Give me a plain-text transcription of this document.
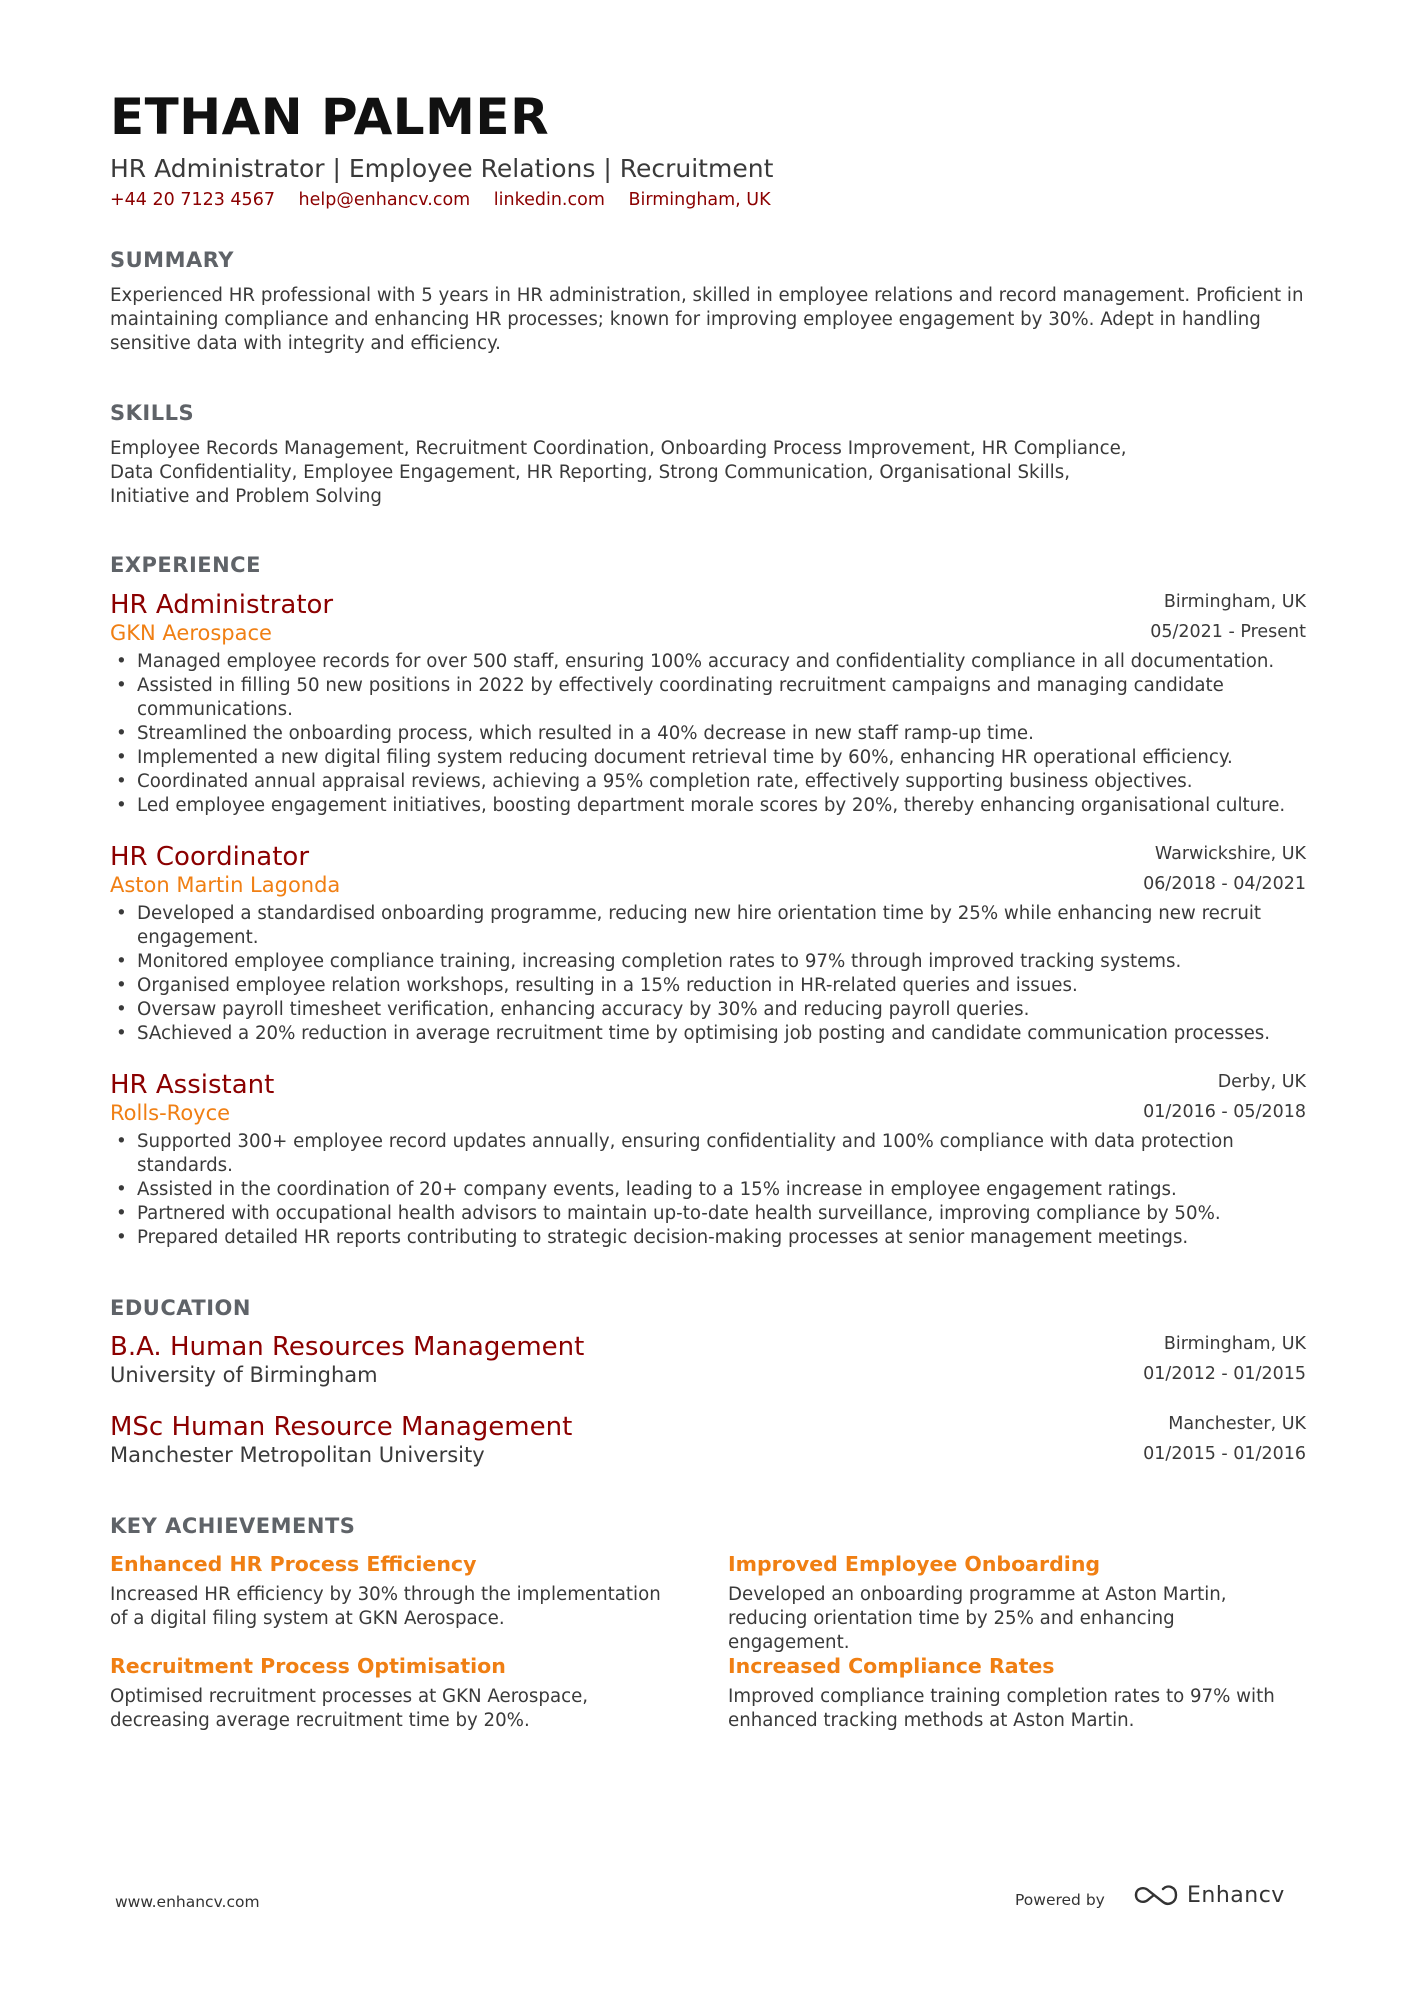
ETHAN PALMER
HR Administrator | Employee Relations | Recruitment
+44 20 7123 4567 help@enhancv.com linkedin.com Birmingham, UK
SUMMARY
Experienced HR professional with 5 years in HR administration, skilled in employee relations and record management. Proficient in maintaining compliance and enhancing HR processes; known for improving employee engagement by 30%. Adept in handling sensitive data with integrity and efficiency.
SKILLS
Employee Records Management, Recruitment Coordination, Onboarding Process Improvement, HR Compliance,
Data Confidentiality, Employee Engagement, HR Reporting, Strong Communication, Organisational Skills,
Initiative and Problem Solving
EXPERIENCE
HR Administrator
GKN Aerospace
Birmingham, UK
05/2021 - Present
• Managed employee records for over 500 staff, ensuring 100% accuracy and confidentiality compliance in all documentation.
• Assisted in filling 50 new positions in 2022 by effectively coordinating recruitment campaigns and managing candidate communications.
• Streamlined the onboarding process, which resulted in a 40% decrease in new staff ramp-up time.
• Implemented a new digital filing system reducing document retrieval time by 60%, enhancing HR operational efficiency.
• Coordinated annual appraisal reviews, achieving a 95% completion rate, effectively supporting business objectives.
• Led employee engagement initiatives, boosting department morale scores by 20%, thereby enhancing organisational culture.
HR Coordinator
Aston Martin Lagonda
Warwickshire, UK
06/2018 - 04/2021
• Developed a standardised onboarding programme, reducing new hire orientation time by 25% while enhancing new recruit engagement.
• Monitored employee compliance training, increasing completion rates to 97% through improved tracking systems.
• Organised employee relation workshops, resulting in a 15% reduction in HR-related queries and issues.
• Oversaw payroll timesheet verification, enhancing accuracy by 30% and reducing payroll queries.
• SAchieved a 20% reduction in average recruitment time by optimising job posting and candidate communication processes.
HR Assistant
Rolls-Royce
Derby, UK
01/2016 - 05/2018
• Supported 300+ employee record updates annually, ensuring confidentiality and 100% compliance with data protection standards.
• Assisted in the coordination of 20+ company events, leading to a 15% increase in employee engagement ratings.
• Partnered with occupational health advisors to maintain up-to-date health surveillance, improving compliance by 50%.
• Prepared detailed HR reports contributing to strategic decision-making processes at senior management meetings.
EDUCATION
B.A. Human Resources Management
University of Birmingham
Birmingham, UK
01/2012 - 01/2015
MSc Human Resource Management
Manchester Metropolitan University
Manchester, UK
01/2015 - 01/2016
KEY ACHIEVEMENTS
Enhanced HR Process Efficiency
Increased HR efficiency by 30% through the implementation of a digital filing system at GKN Aerospace.
Improved Employee Onboarding
Developed an onboarding programme at Aston Martin, reducing orientation time by 25% and enhancing engagement.
Recruitment Process Optimisation
Optimised recruitment processes at GKN Aerospace, decreasing average recruitment time by 20%.
Increased Compliance Rates
Improved compliance training completion rates to 97% with enhanced tracking methods at Aston Martin.
www.enhancv.com	Powered by	Enhancv
